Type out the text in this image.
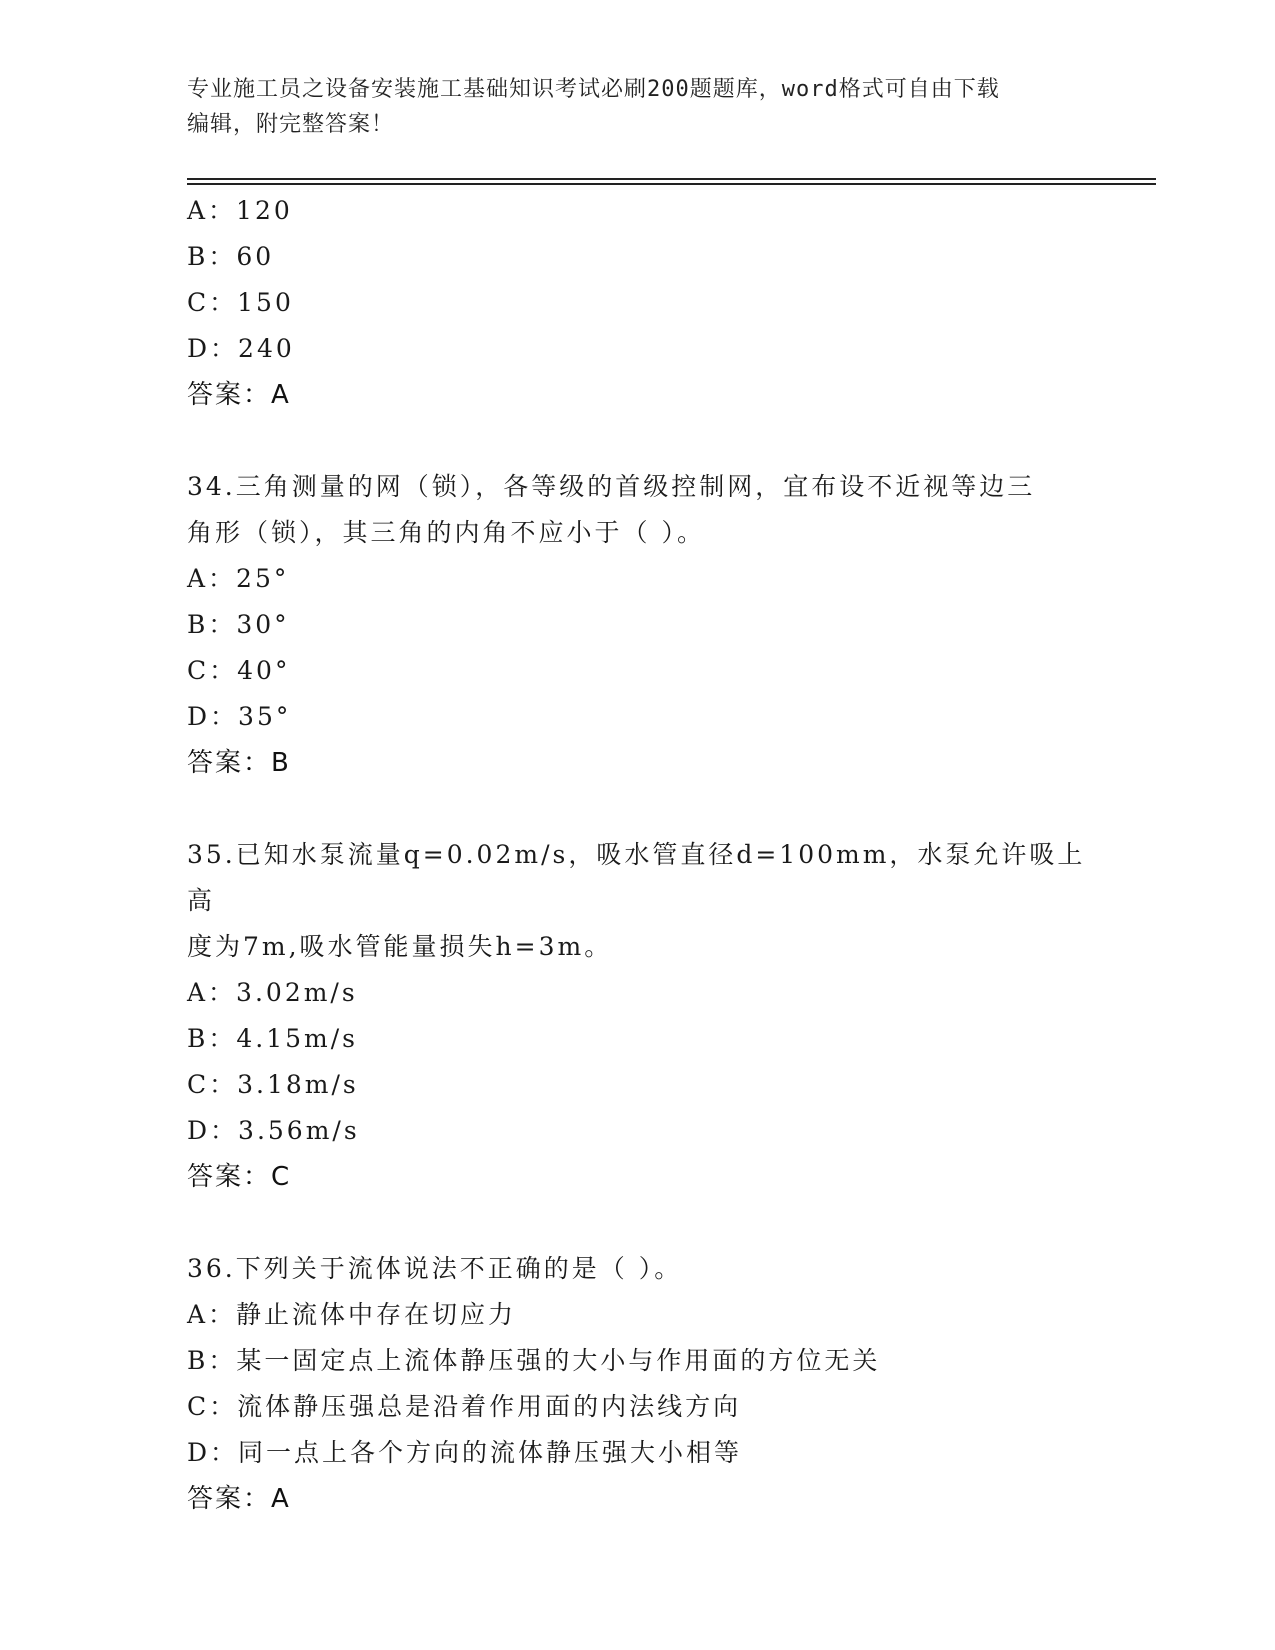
专业施工员之设备安装施工基础知识考试必刷200题题库，word格式可自由下载
编辑，附完整答案！
A：120
B：60
C：150
D：240
答案：A
34.三角测量的网（锁），各等级的首级控制网，宜布设不近视等边三
角形（锁），其三角的内角不应小于（ ）。
A：25°
B：30°
C：40°
D：35°
答案：B
35.已知水泵流量q=0.02m/s，吸水管直径d=100mm，水泵允许吸上高
度为7m,吸水管能量损失h=3m。
A：3.02m/s
B：4.15m/s
C：3.18m/s
D：3.56m/s
答案：C
36.下列关于流体说法不正确的是（ ）。
A：静止流体中存在切应力
B：某一固定点上流体静压强的大小与作用面的方位无关
C：流体静压强总是沿着作用面的内法线方向
D：同一点上各个方向的流体静压强大小相等
答案：A
